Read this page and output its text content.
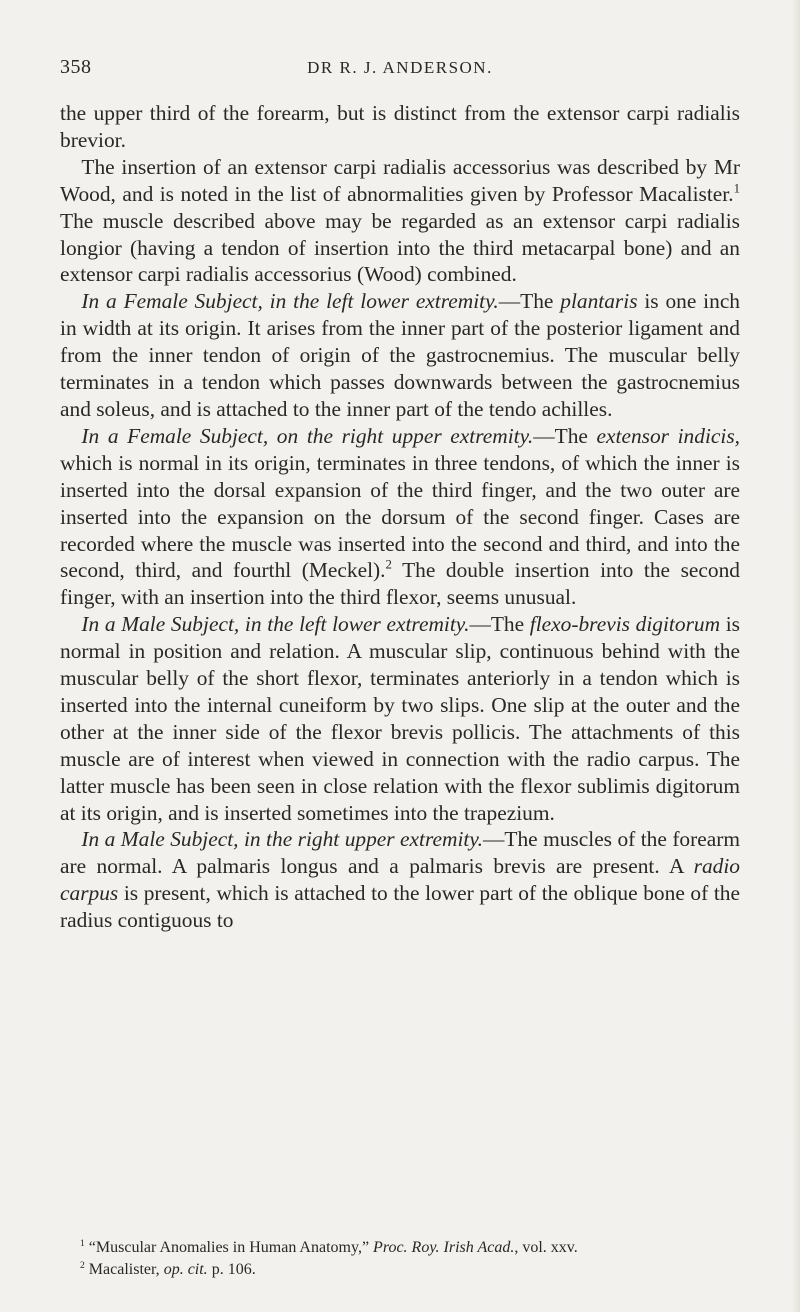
358	DR R. J. ANDERSON.

the upper third of the forearm, but is distinct from the extensor carpi radialis brevior.

The insertion of an extensor carpi radialis accessorius was described by Mr Wood, and is noted in the list of abnormalities given by Professor Macalister.$^1$ The muscle described above may be regarded as an extensor carpi radialis longior (having a tendon of insertion into the third metacarpal bone) and an extensor carpi radialis accessorius (Wood) combined.

In a Female Subject, in the left lower extremity.—The plantaris is one inch in width at its origin. It arises from the inner part of the posterior ligament and from the inner tendon of origin of the gastrocnemius. The muscular belly terminates in a tendon which passes downwards between the gastrocnemius and soleus, and is attached to the inner part of the tendo achilles.

In a Female Subject, on the right upper extremity.—The extensor indicis, which is normal in its origin, terminates in three tendons, of which the inner is inserted into the dorsal expansion of the third finger, and the two outer are inserted into the expansion on the dorsum of the second finger. Cases are recorded where the muscle was inserted into the second and third, and into the second, third, and fourthl (Meckel).$^2$ The double insertion into the second finger, with an insertion into the third flexor, seems unusual.

In a Male Subject, in the left lower extremity.—The flexo-brevis digitorum is normal in position and relation. A muscular slip, continuous behind with the muscular belly of the short flexor, terminates anteriorly in a tendon which is inserted into the internal cuneiform by two slips. One slip at the outer and the other at the inner side of the flexor brevis pollicis. The attachments of this muscle are of interest when viewed in connection with the radio carpus. The latter muscle has been seen in close relation with the flexor sublimis digitorum at its origin, and is inserted sometimes into the trapezium.

In a Male Subject, in the right upper extremity.—The muscles of the forearm are normal. A palmaris longus and a palmaris brevis are present. A radio carpus is present, which is attached to the lower part of the oblique bone of the radius contiguous to

$^1$ “Muscular Anomalies in Human Anatomy,” Proc. Roy. Irish Acad., vol. xxv.

$^2$ Macalister, op. cit. p. 106.
